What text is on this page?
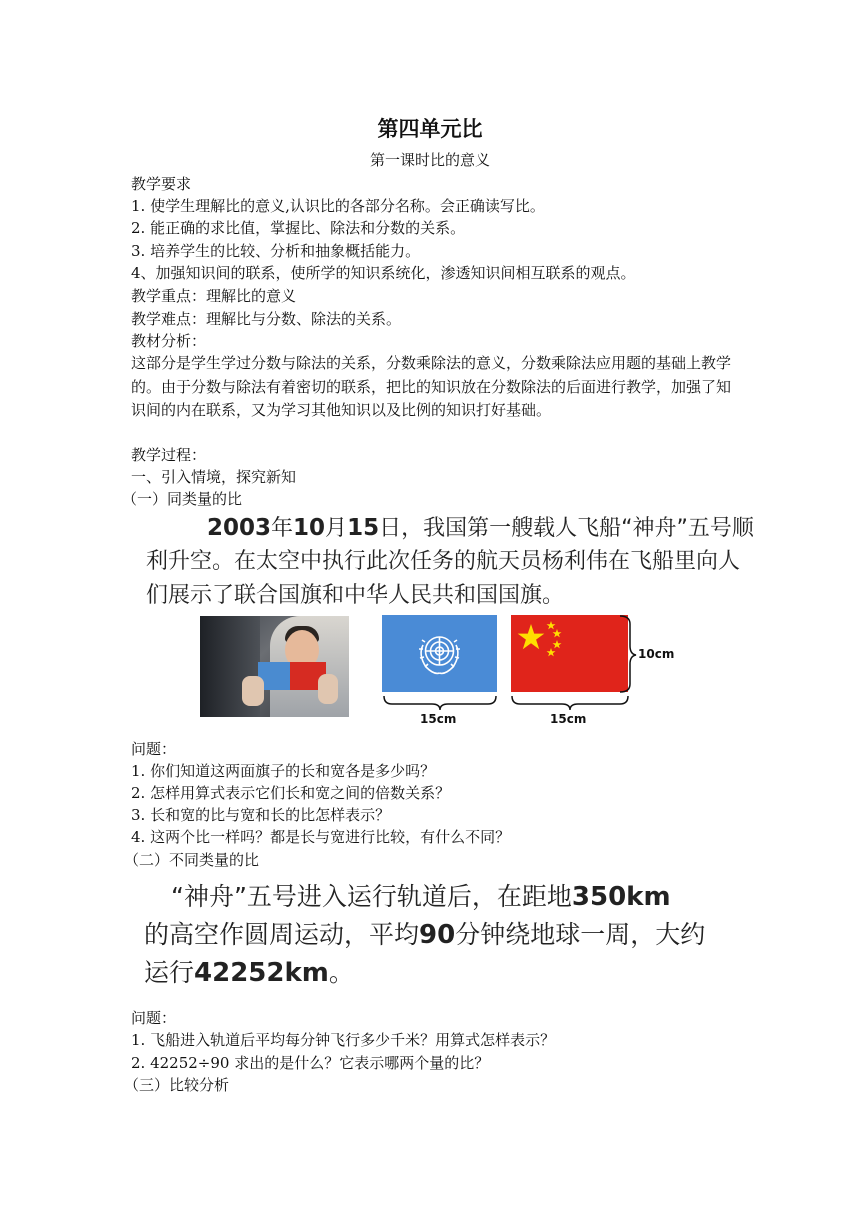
第四单元比
第一课时比的意义
教学要求
1. 使学生理解比的意义,认识比的各部分名称。会正确读写比。
2. 能正确的求比值，掌握比、除法和分数的关系。
3. 培养学生的比较、分析和抽象概括能力。
4、加强知识间的联系，使所学的知识系统化，渗透知识间相互联系的观点。
教学重点：理解比的意义
教学难点：理解比与分数、除法的关系。
教材分析：
这部分是学生学过分数与除法的关系，分数乘除法的意义，分数乘除法应用题的基础上教学的。由于分数与除法有着密切的联系，把比的知识放在分数除法的后面进行教学，加强了知识间的内在联系，又为学习其他知识以及比例的知识打好基础。
教学过程：
一、引入情境，探究新知
（一）同类量的比
2003年10月15日，我国第一艘载人飞船“神舟”五号顺
利升空。在太空中执行此次任务的航天员杨利伟在飞船里向人
们展示了联合国旗和中华人民共和国国旗。
15cm	15cm
10cm
问题：
1. 你们知道这两面旗子的长和宽各是多少吗？
2. 怎样用算式表示它们长和宽之间的倍数关系？
3. 长和宽的比与宽和长的比怎样表示？
4. 这两个比一样吗？都是长与宽进行比较，有什么不同？
（二）不同类量的比
“神舟”五号进入运行轨道后，在距地350km
的高空作圆周运动，平均90分钟绕地球一周，大约
运行42252km。
问题：
1. 飞船进入轨道后平均每分钟飞行多少千米？用算式怎样表示？
2. 42252÷90 求出的是什么？它表示哪两个量的比？
（三）比较分析
